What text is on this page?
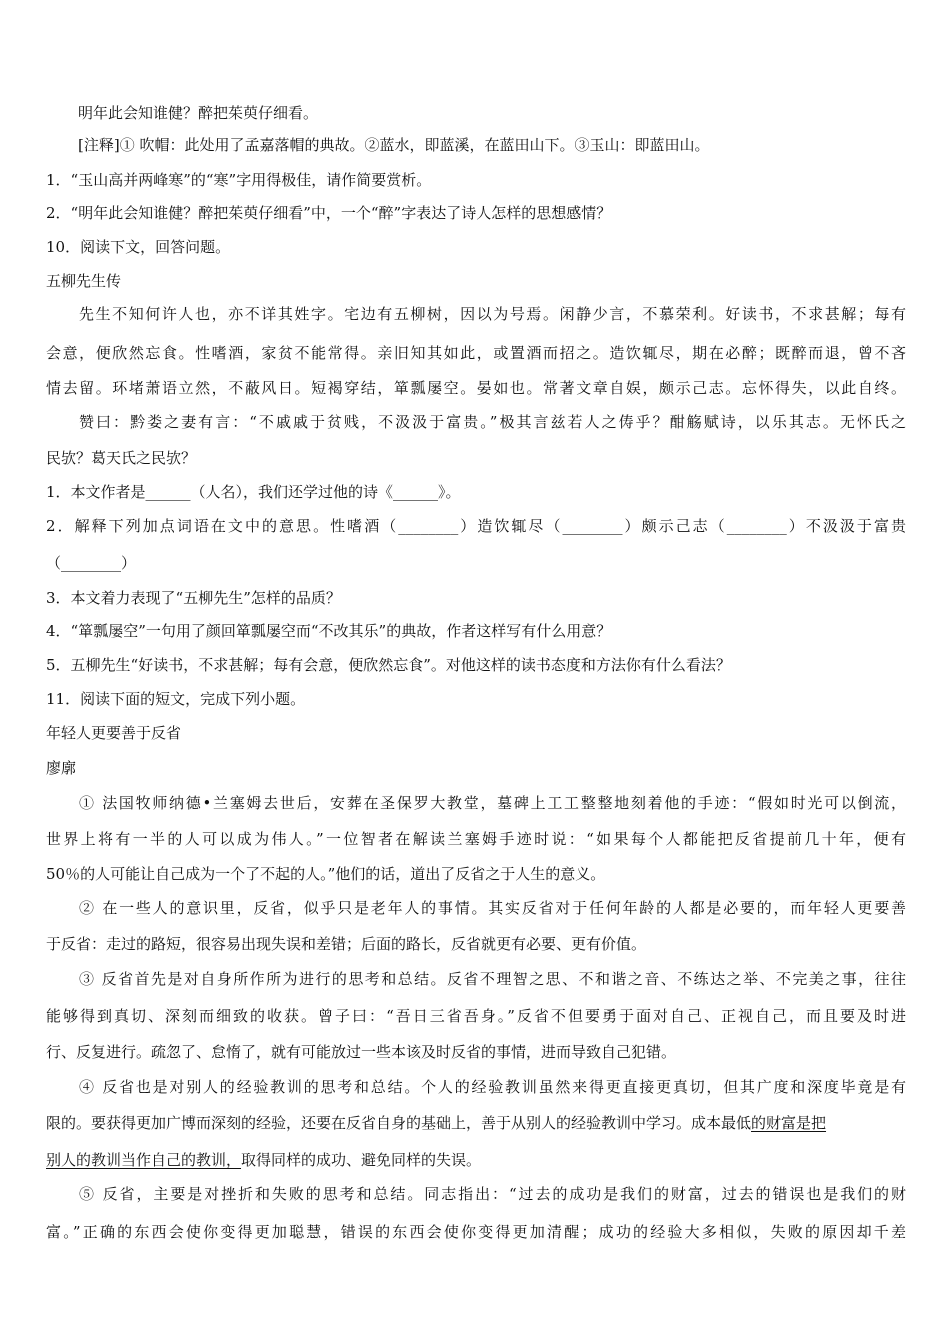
明年此会知谁健？醉把茱萸仔细看。
[注释]① 吹帽：此处用了孟嘉落帽的典故。②蓝水，即蓝溪，在蓝田山下。③玉山：即蓝田山。
1．“玉山高并两峰寒”的“寒”字用得极佳，请作简要赏析。
2．“明年此会知谁健？醉把茱萸仔细看”中，一个“醉”字表达了诗人怎样的思想感情？
10．阅读下文，回答问题。
五柳先生传
先生不知何许人也，亦不详其姓字。宅边有五柳树，因以为号焉。闲静少言，不慕荣利。好读书，不求甚解；每有
会意，便欣然忘食。性嗜酒，家贫不能常得。亲旧知其如此，或置酒而招之。造饮辄尽，期在必醉；既醉而退，曾不吝
情去留。环堵萧语立然，不蔽风日。短褐穿结，箪瓢屡空。晏如也。常著文章自娱，颇示己志。忘怀得失，以此自终。
赞曰：黔娄之妻有言：“不戚戚于贫贱，不汲汲于富贵。”极其言兹若人之俦乎？酣觞赋诗，以乐其志。无怀氏之
民欤？葛天氏之民欤？
1．本文作者是______（人名），我们还学过他的诗《______》。
2．解释下列加点词语在文中的意思。性嗜酒（________）造饮辄尽（________）颇示己志（________）不汲汲于富贵
（________）
3．本文着力表现了“五柳先生”怎样的品质？
4．“箪瓢屡空”一句用了颜回箪瓢屡空而“不改其乐”的典故，作者这样写有什么用意？
5．五柳先生“好读书，不求甚解；每有会意，便欣然忘食”。对他这样的读书态度和方法你有什么看法？
11．阅读下面的短文，完成下列小题。
年轻人更要善于反省
廖廓
① 法国牧师纳德•兰塞姆去世后，安葬在圣保罗大教堂，墓碑上工工整整地刻着他的手迹：“假如时光可以倒流，
世界上将有一半的人可以成为伟人。”一位智者在解读兰塞姆手迹时说：“如果每个人都能把反省提前几十年，便有
50％的人可能让自己成为一个了不起的人。”他们的话，道出了反省之于人生的意义。
② 在一些人的意识里，反省，似乎只是老年人的事情。其实反省对于任何年龄的人都是必要的，而年轻人更要善
于反省：走过的路短，很容易出现失误和差错；后面的路长，反省就更有必要、更有价值。
③ 反省首先是对自身所作所为进行的思考和总结。反省不理智之思、不和谐之音、不练达之举、不完美之事，往往
能够得到真切、深刻而细致的收获。曾子曰：“吾日三省吾身。”反省不但要勇于面对自己、正视自己，而且要及时进
行、反复进行。疏忽了、怠惰了，就有可能放过一些本该及时反省的事情，进而导致自己犯错。
④ 反省也是对别人的经验教训的思考和总结。个人的经验教训虽然来得更直接更真切，但其广度和深度毕竟是有
限的。要获得更加广博而深刻的经验，还要在反省自身的基础上，善于从别人的经验教训中学习。成本最低的财富是把
别人的教训当作自己的教训，取得同样的成功、避免同样的失误。
⑤ 反省，主要是对挫折和失败的思考和总结。同志指出：“过去的成功是我们的财富，过去的错误也是我们的财
富。”正确的东西会使你变得更加聪慧，错误的东西会使你变得更加清醒；成功的经验大多相似，失败的原因却千差
